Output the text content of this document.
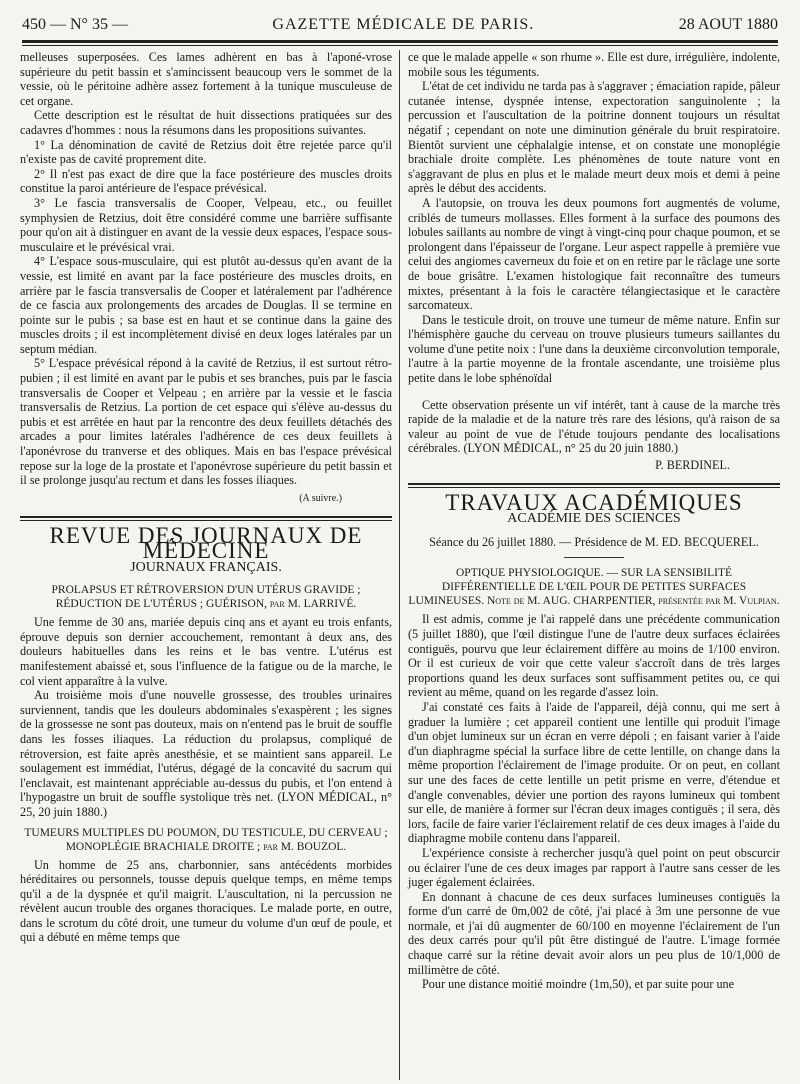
450 — N° 35 —	GAZETTE MÉDICALE DE PARIS.	28 AOUT 1880

melleuses superposées. Ces lames adhèrent en bas à l'aponé-vrose supérieure du petit bassin et s'amincissent beaucoup vers le sommet de la vessie, où le péritoine adhère assez fortement à la tunique musculeuse de cet organe.

Cette description est le résultat de huit dissections pratiquées sur des cadavres d'hommes : nous la résumons dans les propositions suivantes.

1° La dénomination de cavité de Retzius doit être rejetée parce qu'il n'existe pas de cavité proprement dite.

2° Il n'est pas exact de dire que la face postérieure des muscles droits constitue la paroi antérieure de l'espace prévésical.

3° Le fascia transversalis de Cooper, Velpeau, etc., ou feuillet symphysien de Retzius, doit être considéré comme une barrière suffisante pour qu'on ait à distinguer en avant de la vessie deux espaces, l'espace sous-musculaire et le prévésical vrai.

4° L'espace sous-musculaire, qui est plutôt au-dessus qu'en avant de la vessie, est limité en avant par la face postérieure des muscles droits, en arrière par le fascia transversalis de Cooper et latéralement par l'adhérence de ce fascia aux prolongements des arcades de Douglas. Il se termine en pointe sur le pubis ; sa base est en haut et se continue dans la gaine des muscles droits ; il est incomplètement divisé en deux loges latérales par un septum médian.

5° L'espace prévésical répond à la cavité de Retzius, il est surtout rétro-pubien ; il est limité en avant par le pubis et ses branches, puis par le fascia transversalis de Cooper et Velpeau ; en arrière par la vessie et le fascia transversalis de Retzius. La portion de cet espace qui s'élève au-dessus du pubis et est arrêtée en haut par la rencontre des deux feuillets détachés des arcades a pour limites latérales l'adhérence de ces deux feuillets à l'aponévrose du tranverse et des obliques. Mais en bas l'espace prévésical repose sur la loge de la prostate et l'aponévrose supérieure du petit bassin et il se prolonge jusqu'au rectum et dans les fosses iliaques.

(A suivre.)
REVUE DES JOURNAUX DE MÉDECINE
JOURNAUX FRANÇAIS.
PROLAPSUS ET RÉTROVERSION D'UN UTÉRUS GRAVIDE ; RÉDUCTION DE L'UTÉRUS ; GUÉRISON, par M. LARRIVÉ.

Une femme de 30 ans, mariée depuis cinq ans et ayant eu trois enfants, éprouve depuis son dernier accouchement, remontant à deux ans, des douleurs habituelles dans les reins et le bas ventre. L'utérus est manifestement abaissé et, sous l'influence de la fatigue ou de la marche, le col vient apparaître à la vulve.

Au troisième mois d'une nouvelle grossesse, des troubles urinaires surviennent, tandis que les douleurs abdominales s'exaspèrent ; les signes de la grossesse ne sont pas douteux, mais on n'entend pas le bruit de souffle dans les fosses iliaques. La réduction du prolapsus, compliqué de rétroversion, est faite après anesthésie, et se maintient sans appareil. Le soulagement est immédiat, l'utérus, dégagé de la concavité du sacrum qui l'enclavait, est maintenant appréciable au-dessus du pubis, et l'on entend à l'hypogastre un bruit de souffle systolique très net. (LYON MÉDICAL, n° 25, 20 juin 1880.)

TUMEURS MULTIPLES DU POUMON, DU TESTICULE, DU CERVEAU ; MONOPLÉGIE BRACHIALE DROITE ; par M. BOUZOL.

Un homme de 25 ans, charbonnier, sans antécédents morbides héréditaires ou personnels, tousse depuis quelque temps, en même temps qu'il a de la dyspnée et qu'il maigrit. L'auscultation, ni la percussion ne révèlent aucun trouble des organes thoraciques. Le malade porte, en outre, dans le scrotum du côté droit, une tumeur du volume d'un œuf de poule, et qui a débuté en même temps que

ce que le malade appelle « son rhume ». Elle est dure, irrégulière, indolente, mobile sous les téguments.

L'état de cet individu ne tarda pas à s'aggraver ; émaciation rapide, pâleur cutanée intense, dyspnée intense, expectoration sanguinolente ; la percussion et l'auscultation de la poitrine donnent toujours un résultat négatif ; cependant on note une diminution générale du bruit respiratoire. Bientôt survient une céphalalgie intense, et on constate une monoplégie brachiale droite complète. Les phénomènes de toute nature vont en s'aggravant de plus en plus et le malade meurt deux mois et demi à peine après le début des accidents.

A l'autopsie, on trouva les deux poumons fort augmentés de volume, criblés de tumeurs mollasses. Elles forment à la surface des poumons des lobules saillants au nombre de vingt à vingt-cinq pour chaque poumon, et se prolongent dans l'épaisseur de l'organe. Leur aspect rappelle à première vue celui des angiomes caverneux du foie et on en retire par le râclage une sorte de boue grisâtre. L'examen histologique fait reconnaître des tumeurs mixtes, présentant à la fois le caractère télangiectasique et le caractère sarcomateux.

Dans le testicule droit, on trouve une tumeur de même nature. Enfin sur l'hémisphère gauche du cerveau on trouve plusieurs tumeurs saillantes du volume d'une petite noix : l'une dans la deuxième circonvolution temporale, l'autre à la partie moyenne de la frontale ascendante, une troisième plus petite dans le lobe sphénoïdal

Cette observation présente un vif intérêt, tant à cause de la marche très rapide de la maladie et de la nature très rare des lésions, qu'à raison de sa valeur au point de vue de l'étude toujours pendante des localisations cérébrales. (LYON MÉDICAL, n° 25 du 20 juin 1880.)

P. BERDINEL.
TRAVAUX ACADÉMIQUES
ACADÉMIE DES SCIENCES
Séance du 26 juillet 1880. — Présidence de M. ED. BECQUEREL.
OPTIQUE PHYSIOLOGIQUE. — SUR LA SENSIBILITÉ DIFFÉRENTIELLE DE L'ŒIL POUR DE PETITES SURFACES LUMINEUSES. Note de M. AUG. CHARPENTIER, présentée par M. Vulpian.

Il est admis, comme je l'ai rappelé dans une précédente communication (5 juillet 1880), que l'œil distingue l'une de l'autre deux surfaces éclairées contiguës, pourvu que leur éclairement diffère au moins de 1/100 environ. Or il est curieux de voir que cette valeur s'accroît dans de très larges proportions quand les deux surfaces sont suffisamment petites ou, ce qui revient au même, quand on les regarde d'assez loin.

J'ai constaté ces faits à l'aide de l'appareil, déjà connu, qui me sert à graduer la lumière ; cet appareil contient une lentille qui produit l'image d'un objet lumineux sur un écran en verre dépoli ; en faisant varier à l'aide d'un diaphragme spécial la surface libre de cette lentille, on change dans la même proportion l'éclairement de l'image produite. Or on peut, en collant sur une des faces de cette lentille un petit prisme en verre, d'étendue et d'angle convenables, dévier une portion des rayons lumineux qui tombent sur elle, de manière à former sur l'écran deux images contiguës ; il sera, dès lors, facile de faire varier l'éclairement relatif de ces deux images à l'aide du diaphragme mobile contenu dans l'appareil.

L'expérience consiste à rechercher jusqu'à quel point on peut obscurcir ou éclairer l'une de ces deux images par rapport à l'autre sans cesser de les juger également éclairées.

En donnant à chacune de ces deux surfaces lumineuses contiguës la forme d'un carré de 0m,002 de côté, j'ai placé à 3m une personne de vue normale, et j'ai dû augmenter de 60/100 en moyenne l'éclairement de l'un des deux carrés pour qu'il pût être distingué de l'autre. L'image formée chaque carré sur la rétine devait avoir alors un peu plus de 10/1,000 de millimètre de côté.

Pour une distance moitié moindre (1m,50), et par suite pour une
